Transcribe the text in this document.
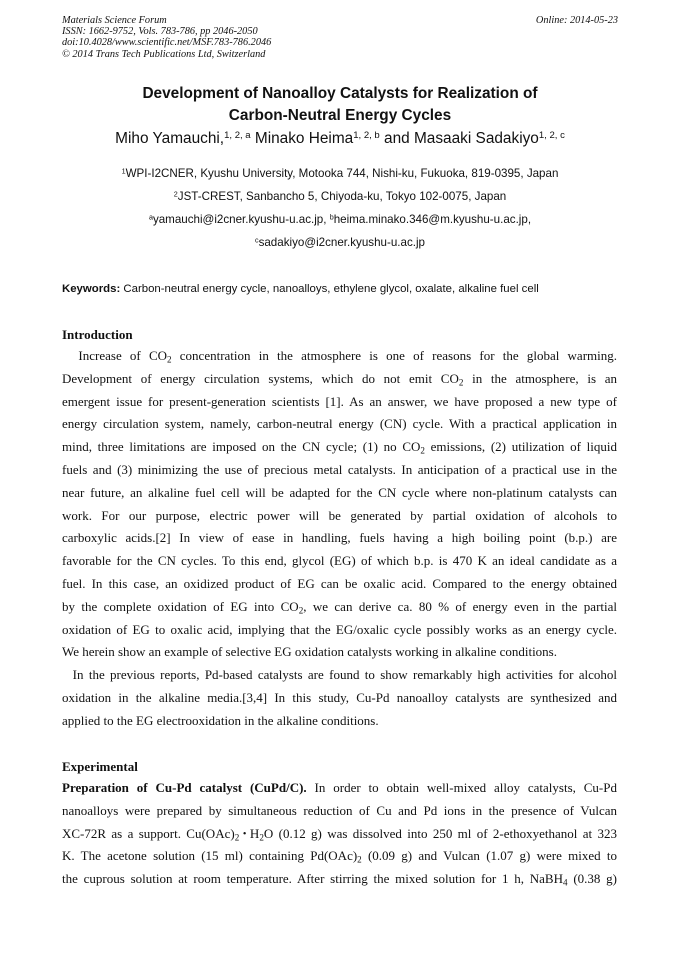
Materials Science Forum
ISSN: 1662-9752, Vols. 783-786, pp 2046-2050
doi:10.4028/www.scientific.net/MSF.783-786.2046
© 2014 Trans Tech Publications Ltd, Switzerland
Online: 2014-05-23
Development of Nanoalloy Catalysts for Realization of
Carbon-Neutral Energy Cycles
Miho Yamauchi,$^{1, 2, a}$ Minako Heima$^{1, 2, b}$ and Masaaki Sadakiyo$^{1, 2, c}$
$^1$WPI-I2CNER, Kyushu University, Motooka 744, Nishi-ku, Fukuoka, 819-0395, Japan
$^2$JST-CREST, Sanbancho 5, Chiyoda-ku, Tokyo 102-0075, Japan
$^a$yamauchi@i2cner.kyushu-u.ac.jp, $^b$heima.minako.346@m.kyushu-u.ac.jp,
$^c$sadakiyo@i2cner.kyushu-u.ac.jp
Keywords: Carbon-neutral energy cycle, nanoalloys, ethylene glycol, oxalate, alkaline fuel cell
Introduction
Increase of $CO_2$ concentration in the atmosphere is one of reasons for the global warming.
Development of energy circulation systems, which do not emit $CO_2$ in the atmosphere, is an
emergent issue for present-generation scientists [1]. As an answer, we have proposed a new type of
energy circulation system, namely, carbon-neutral energy (CN) cycle. With a practical application in
mind, three limitations are imposed on the CN cycle; (1) no $CO_2$ emissions, (2) utilization of liquid
fuels and (3) minimizing the use of precious metal catalysts. In anticipation of a practical use in the
near future, an alkaline fuel cell will be adapted for the CN cycle where non-platinum catalysts can
work. For our purpose, electric power will be generated by partial oxidation of alcohols to
carboxylic acids.[2] In view of ease in handling, fuels having a high boiling point (b.p.) are
favorable for the CN cycles. To this end, glycol (EG) of which b.p. is 470 K an ideal candidate as a
fuel. In this case, an oxidized product of EG can be oxalic acid. Compared to the energy obtained
by the complete oxidation of EG into $CO_2$, we can derive ca. 80 % of energy even in the partial
oxidation of EG to oxalic acid, implying that the EG/oxalic cycle possibly works as an energy cycle.
We herein show an example of selective EG oxidation catalysts working in alkaline conditions.
In the previous reports, Pd-based catalysts are found to show remarkably high activities for alcohol
oxidation in the alkaline media.[3,4] In this study, Cu-Pd nanoalloy catalysts are synthesized and
applied to the EG electrooxidation in the alkaline conditions.
Experimental
Preparation of Cu-Pd catalyst (CuPd/C). In order to obtain well-mixed alloy catalysts, Cu-Pd
nanoalloys were prepared by simultaneous reduction of Cu and Pd ions in the presence of Vulcan
XC-72R as a support. $Cu(OAc)_2$･$H_2O$ (0.12 g) was dissolved into 250 ml of 2-ethoxyethanol at 323
K. The acetone solution (15 ml) containing $Pd(OAc)_2$ (0.09 g) and Vulcan (1.07 g) were mixed to
the cuprous solution at room temperature. After stirring the mixed solution for 1 h, NaBH$_4$ (0.38 g)
